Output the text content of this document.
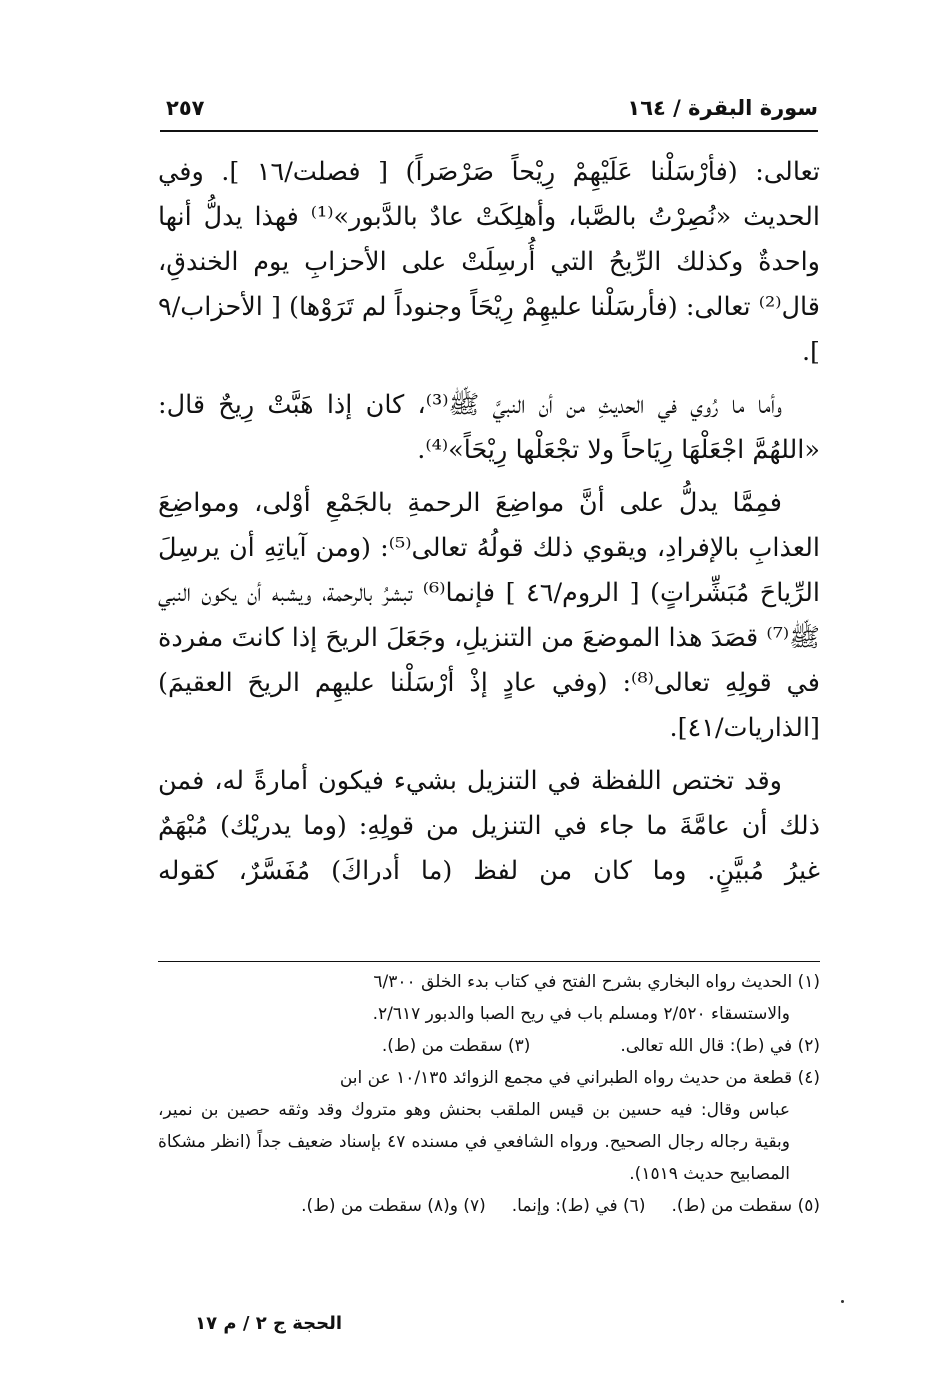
سورة البقرة / ١٦٤
٢٥٧

تعالى: (فأرْسَلْنا عَلَيْهِمْ رِيْحاً صَرْصَراً) [ فصلت/١٦ ]. وفي الحديث «نُصِرْتُ بالصَّبا، وأهلِكَتْ عادٌ بالدَّبور»⁽¹⁾ فهذا يدلُّ أنها واحدةٌ وكذلك الرِّيحُ التي أُرسِلَتْ على الأحزابِ يوم الخندقِ، قال⁽²⁾ تعالى: (فأرسَلْنا عليهِمْ رِيْحَاً وجنوداً لم تَرَوْها) [ الأحزاب/٩ ].

وأما ما رُوي في الحديثِ من أن النبيَّ ﷺ⁽³⁾، كان إذا هَبَّتْ رِيحٌ قال: «اللهُمَّ اجْعَلْهَا رِيَاحاً ولا تجْعَلْها رِيْحَاً»⁽⁴⁾.

فمِمَّا يدلُّ على أنَّ مواضِعَ الرحمةِ بالجَمْعِ أوْلى، ومواضِعَ العذابِ بالإفرادِ، ويقوي ذلك قولُهُ تعالى⁽⁵⁾: (ومن آياتِهِ أن يرسِلَ الرِّياحَ مُبَشِّراتٍ) [ الروم/٤٦ ] فإنما⁽⁶⁾ تبشرُ بالرحمة، ويشبه أن يكون النبي ﷺ⁽⁷⁾ قصَدَ هذا الموضعَ من التنزيلِ، وجَعَلَ الريحَ إذا كانتَ مفردة في قولِهِ تعالى⁽⁸⁾: (وفي عادٍ إذْ أرْسَلْنا عليهِم الريحَ العقيمَ) [الذاريات/٤١].

وقد تختص اللفظة في التنزيل بشيء فيكون أمارةً له، فمن ذلك أن عامَّةَ ما جاء في التنزيل من قولِهِ: (وما يدريْك) مُبْهَمٌ غيرُ مُبيَّنٍ. وما كان من لفظ (ما أدراكَ) مُفَسَّرٌ، كقوله

(١) الحديث رواه البخاري بشرح الفتح في كتاب بدء الخلق ٦/٣٠٠
والاستسقاء ٢/٥٢٠ ومسلم باب في ريح الصبا والدبور ٢/٦١٧.

(٢) في (ط): قال الله تعالى.
(٣) سقطت من (ط).

(٤) قطعة من حديث رواه الطبراني في مجمع الزوائد ١٠/١٣٥ عن ابن
عباس وقال: فيه حسين بن قيس الملقب بحنش وهو متروك وقد وثقه حصين بن نمير، وبقية رجاله رجال الصحيح. ورواه الشافعي في مسنده ٤٧ بإسناد ضعيف جداً (انظر مشكاة المصابيح حديث ١٥١٩).

(٥) سقطت من (ط).
(٦) في (ط): وإنما.
(٧) و(٨) سقطت من (ط).
الحجة ج ٢ / م ١٧
